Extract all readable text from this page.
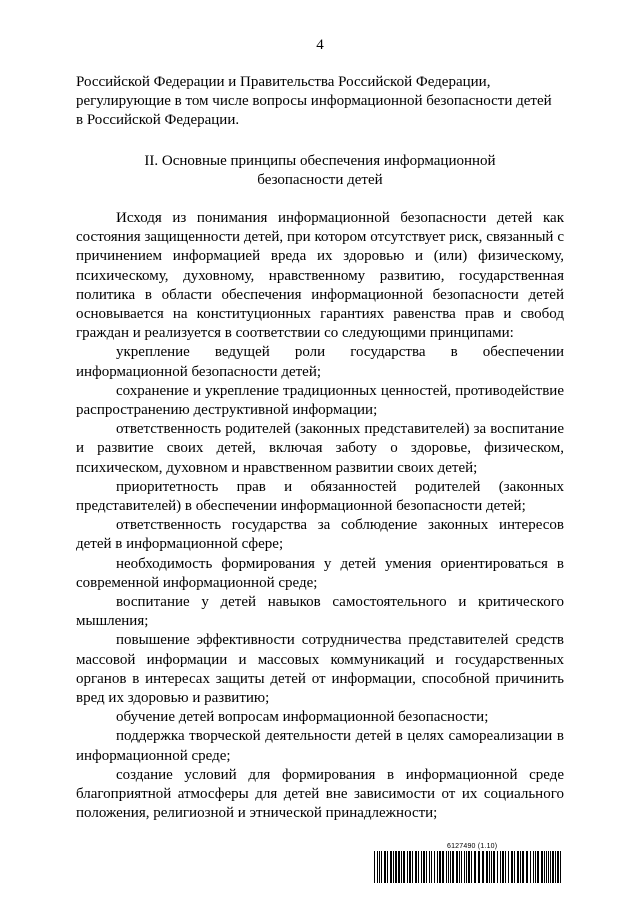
4

Российской Федерации и Правительства Российской Федерации,

регулирующие в том числе вопросы информационной безопасности детей

в Российской Федерации.

II. Основные принципы обеспечения информационной
безопасности детей

Исходя из понимания информационной безопасности детей как состояния защищенности детей, при котором отсутствует риск, связанный с причинением информацией вреда их здоровью и (или) физическому, психическому, духовному, нравственному развитию, государственная политика в области обеспечения информационной безопасности детей основывается на конституционных гарантиях равенства прав и свобод граждан и реализуется в соответствии со следующими принципами:

укрепление ведущей роли государства в обеспечении информационной безопасности детей;

сохранение и укрепление традиционных ценностей, противодействие распространению деструктивной информации;

ответственность родителей (законных представителей) за воспитание и развитие своих детей, включая заботу о здоровье, физическом, психическом, духовном и нравственном развитии своих детей;

приоритетность прав и обязанностей родителей (законных представителей) в обеспечении информационной безопасности детей;

ответственность государства за соблюдение законных интересов детей в информационной сфере;

необходимость формирования у детей умения ориентироваться в современной информационной среде;

воспитание у детей навыков самостоятельного и критического мышления;

повышение эффективности сотрудничества представителей средств массовой информации и массовых коммуникаций и государственных органов в интересах защиты детей от информации, способной причинить вред их здоровью и развитию;

обучение детей вопросам информационной безопасности;

поддержка творческой деятельности детей в целях самореализации в информационной среде;

создание условий для формирования в информационной среде благоприятной атмосферы для детей вне зависимости от их социального положения, религиозной и этнической принадлежности;

6127490 (1.10)
